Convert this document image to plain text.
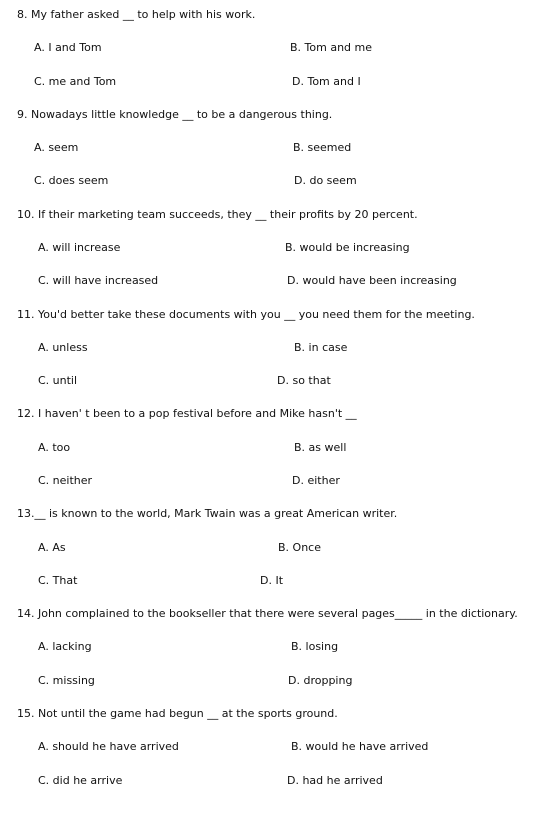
8. My father asked __ to help with his work.
A. I and Tom	B. Tom and me
C. me and Tom	D. Tom and I
9. Nowadays little knowledge __ to be a dangerous thing.
A. seem	B. seemed
C. does seem	D. do seem
10. If their marketing team succeeds, they __ their profits by 20 percent.
A. will increase	B. would be increasing
C. will have increased	D. would have been increasing
11. You'd better take these documents with you __ you need them for the meeting.
A. unless	B. in case
C. until	D. so that
12. I haven' t been to a pop festival before and Mike hasn't __
A. too	B. as well
C. neither	D. either
13.__ is known to the world, Mark Twain was a great American writer.
A. As	B. Once
C. That	D. It
14. John complained to the bookseller that there were several pages_____ in the dictionary.
A. lacking	B. losing
C. missing	D. dropping
15. Not until the game had begun __ at the sports ground.
A. should he have arrived	B. would he have arrived
C. did he arrive	D. had he arrived
